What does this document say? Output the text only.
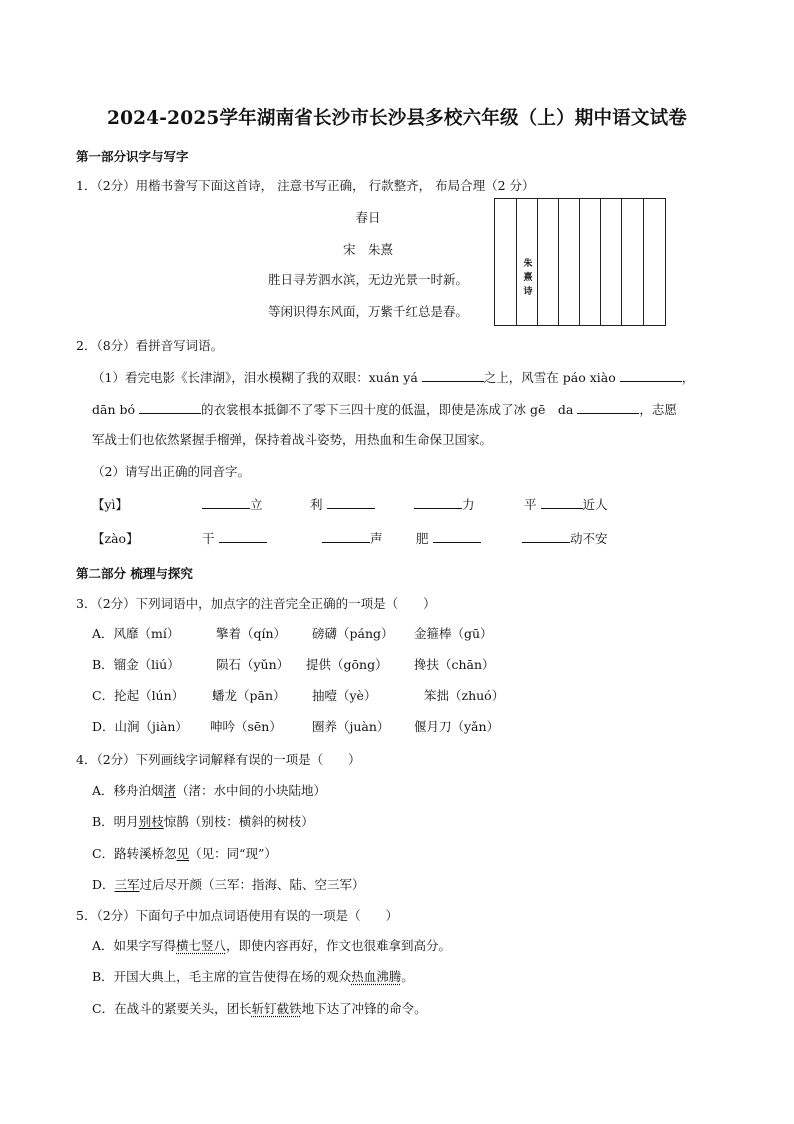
2024-2025学年湖南省长沙市长沙县多校六年级（上）期中语文试卷
第一部分识字与写字
1．（2分）用楷书誊写下面这首诗， 注意书写正确， 行款整齐， 布局合理（2 分）
春日
宋　朱熹
胜日寻芳泗水滨，无边光景一时新。
等闲识得东风面，万紫千红总是春。
朱熹诗
2．（8分）看拼音写词语。
（1）看完电影《长津湖》，泪水模糊了我的双眼：xuán yá	之上，风雪在 páo xiào	，
dān bó	的衣裳根本抵御不了零下三四十度的低温，即使是冻成了冰 gē　da	，志愿
军战士们也依然紧握手榴弹，保持着战斗姿势，用热血和生命保卫国家。
（2）请写出正确的同音字。
【yì】	立	利	力	平	近人
【zào】	干	声	肥	动不安
第二部分 梳理与探究
3．（2分）下列词语中，加点字的注音完全正确的一项是（　　）
A．风靡（mí）	擎着（qín） 磅礴（páng） 金箍棒（gū）
B．镏金（liú）	陨石（yǔn） 提供（gōng） 搀扶（chān）
C．抡起（lún） 蟠龙（pān） 抽噎（yè）	笨拙（zhuó）
D．山涧（jiàn） 呻吟（sēn） 圈养（juàn） 偃月刀（yǎn）
4．（2分）下列画线字词解释有误的一项是（　　）
A．移舟泊烟渚（渚：水中间的小块陆地）
B．明月别枝惊鹊（别枝：横斜的树枝）
C．路转溪桥忽见（见：同“现”）
D．三军过后尽开颜（三军：指海、陆、空三军）
5．（2分）下面句子中加点词语使用有误的一项是（　　）
A．如果字写得横七竖八，即使内容再好，作文也很难拿到高分。
B．开国大典上，毛主席的宣告使得在场的观众热血沸腾。
C．在战斗的紧要关头，团长斩钉截铁地下达了冲锋的命令。
